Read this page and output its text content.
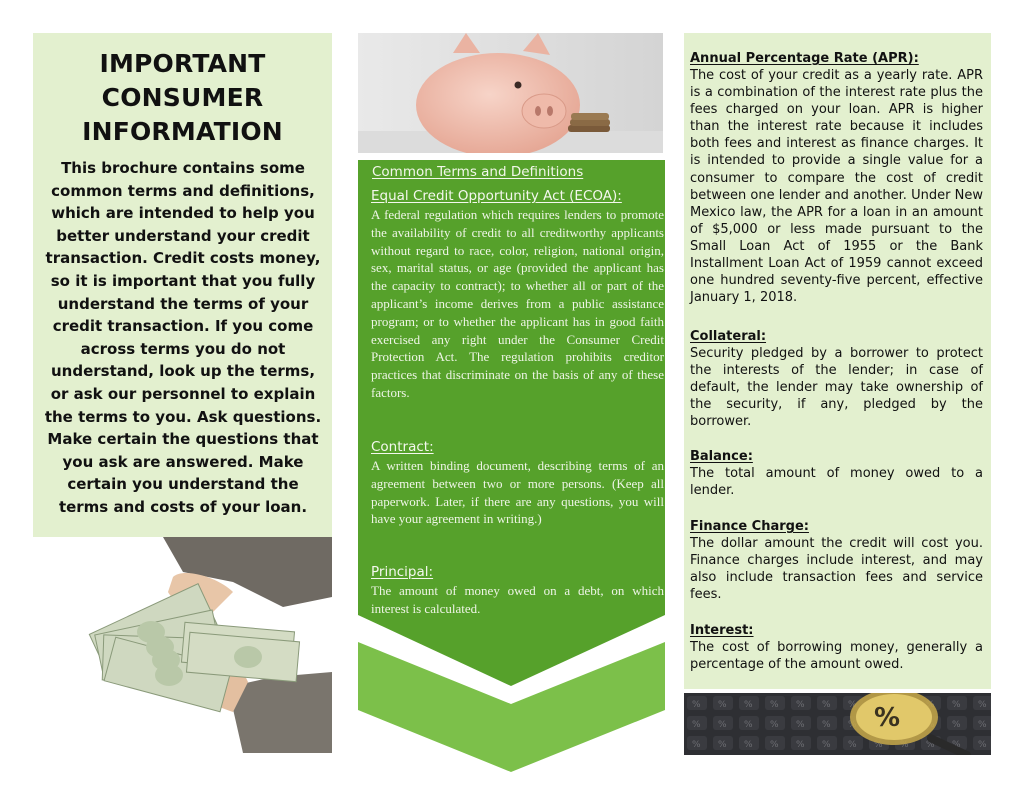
IMPORTANT
CONSUMER
INFORMATION
This brochure contains some common terms and definitions, which are intended to help you better understand your credit transaction. Credit costs money, so it is important that you fully understand the terms of your credit transaction. If you come across terms you do not understand, look up the terms, or ask our personnel to explain the terms to you. Ask questions. Make certain the questions that you ask are answered. Make certain you understand the terms and costs of your loan.
Common Terms and Definitions
Equal Credit Opportunity Act (ECOA):
A federal regulation which requires lenders to promote the availability of credit to all creditworthy applicants without regard to race, color, religion, national origin, sex, marital status, or age (provided the applicant has the capacity to contract); to whether all or part of the applicant’s income derives from a public assistance program; or to whether the applicant has in good faith exercised any right under the Consumer Credit Protection Act. The regulation prohibits creditor practices that discriminate on the basis of any of these factors.
Contract:
A written binding document, describing terms of an agreement between two or more persons. (Keep all paperwork. Later, if there are any questions, you will have your agreement in writing.)
Principal:
The amount of money owed on a debt, on which interest is calculated.
Annual Percentage Rate (APR):
The cost of your credit as a yearly rate. APR is a combination of the interest rate plus the fees charged on your loan. APR is higher than the interest rate because it includes both fees and interest as finance charges. It is intended to provide a single value for a consumer to compare the cost of credit between one lender and another. Under New Mexico law, the APR for a loan in an amount of $5,000 or less made pursuant to the Small Loan Act of 1955 or the Bank Installment Loan Act of 1959 cannot exceed one hundred seventy-five percent, effective January 1, 2018.
Collateral:
Security pledged by a borrower to protect the interests of the lender; in case of default, the lender may take ownership of the security, if any, pledged by the borrower.
Balance:
The total amount of money owed to a lender.
Finance Charge:
The dollar amount the credit will cost you. Finance charges include interest, and may also include transaction fees and service fees.
Interest:
The cost of borrowing money, generally a percentage of the amount owed.
%
